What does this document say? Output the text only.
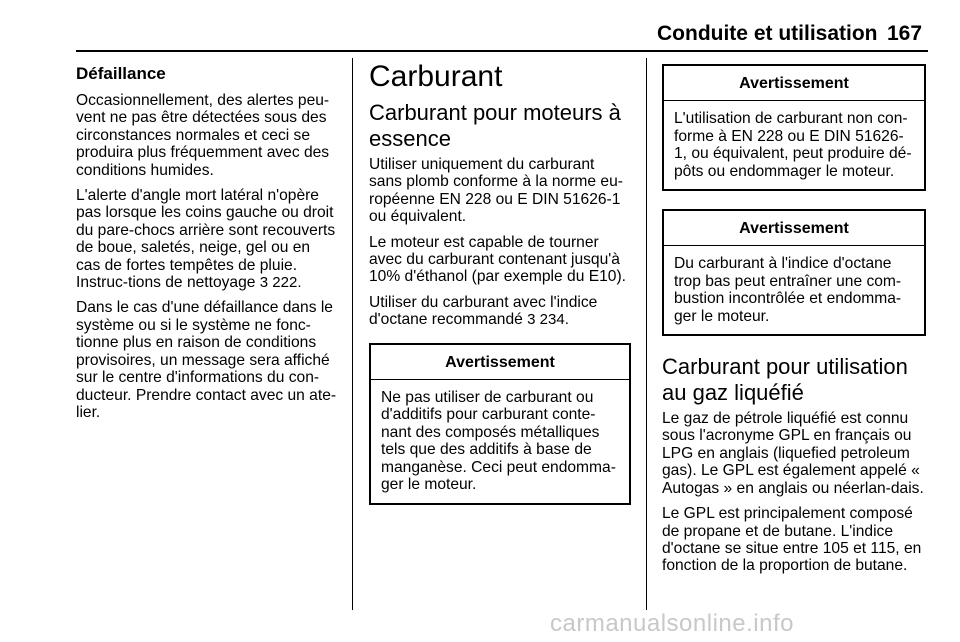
Conduite et utilisation 167
Défaillance

Occasionnellement, des alertes peu-vent ne pas être détectées sous des circonstances normales et ceci se produira plus fréquemment avec des conditions humides.

L'alerte d'angle mort latéral n'opère pas lorsque les coins gauche ou droit du pare-chocs arrière sont recouverts de boue, saletés, neige, gel ou en cas de fortes tempêtes de pluie. Instruc-tions de nettoyage 3 222.

Dans le cas d'une défaillance dans le système ou si le système ne fonc-tionne plus en raison de conditions provisoires, un message sera affiché sur le centre d'informations du con-ducteur. Prendre contact avec un ate-lier.

Carburant
Carburant pour moteurs à essence

Utiliser uniquement du carburant sans plomb conforme à la norme eu-ropéenne EN 228 ou E DIN 51626-1 ou équivalent.

Le moteur est capable de tourner avec du carburant contenant jusqu'à 10% d'éthanol (par exemple du E10).

Utiliser du carburant avec l'indice d'octane recommandé 3 234.

Avertissement
Ne pas utiliser de carburant ou d'additifs pour carburant conte-nant des composés métalliques tels que des additifs à base de manganèse. Ceci peut endomma-ger le moteur.
Avertissement
L'utilisation de carburant non con-forme à EN 228 ou E DIN 51626-1, ou équivalent, peut produire dé-pôts ou endommager le moteur.
Avertissement
Du carburant à l'indice d'octane trop bas peut entraîner une com-bustion incontrôlée et endomma-ger le moteur.
Carburant pour utilisation au gaz liquéfié

Le gaz de pétrole liquéfié est connu sous l'acronyme GPL en français ou LPG en anglais (liquefied petroleum gas). Le GPL est également appelé « Autogas » en anglais ou néerlan-dais.

Le GPL est principalement composé de propane et de butane. L'indice d'octane se situe entre 105 et 115, en fonction de la proportion de butane.

carmanualsonline.info
